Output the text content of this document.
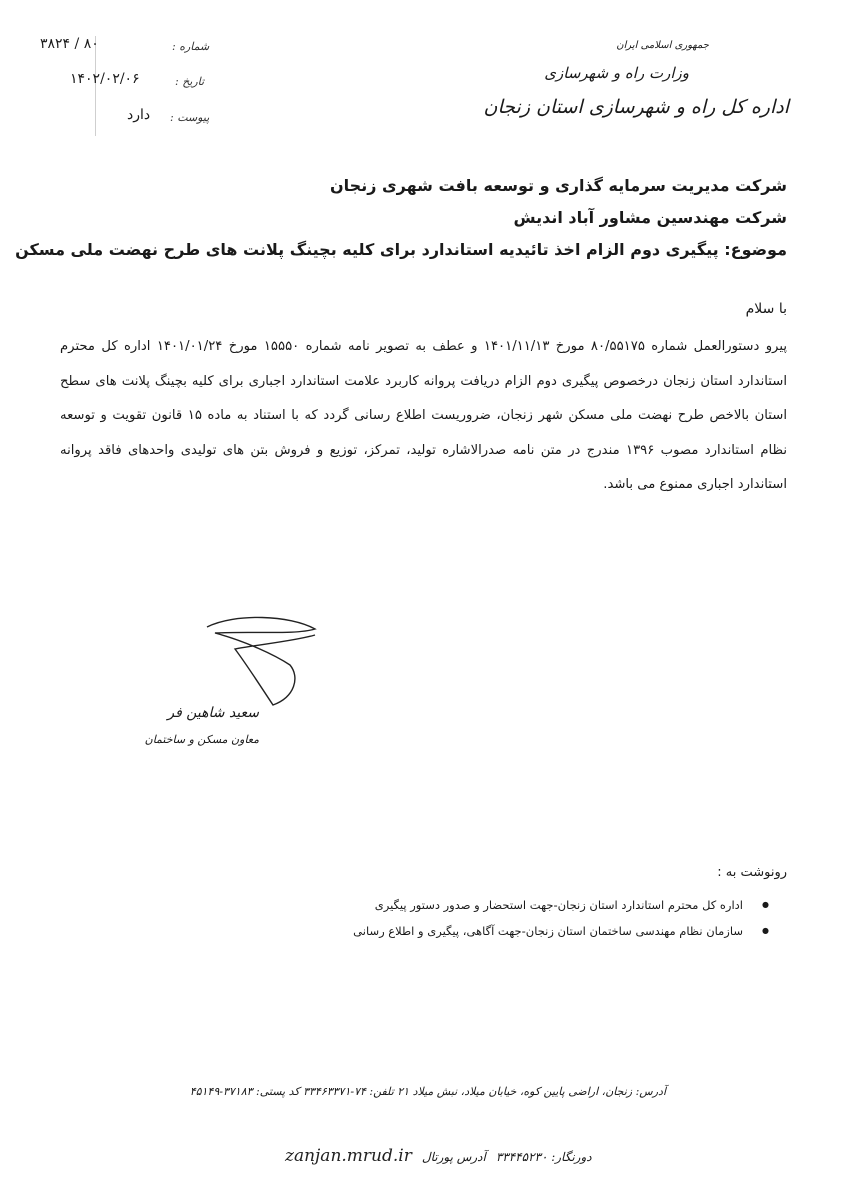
۸۰ / ۳۸۲۴	شماره :
۱۴۰۲/۰۲/۰۶	تاریخ :
دارد پیوست :
جمهوری اسلامی ایران
وزارت راه و شهرسازی
اداره کل راه و شهرسازی استان زنجان
شرکت مدیریت سرمایه گذاری و توسعه بافت شهری زنجان
شرکت مهندسین مشاور آباد اندیش
موضوع: پیگیری دوم الزام اخذ تائیدیه استاندارد برای کلیه بچینگ پلانت های طرح نهضت ملی مسکن
با سلام
پیرو دستورالعمل شماره ۸۰/۵۵۱۷۵ مورخ ۱۴۰۱/۱۱/۱۳ و عطف به تصویر نامه شماره ۱۵۵۵۰ مورخ ۱۴۰۱/۰۱/۲۴ اداره کل محترم استاندارد استان زنجان درخصوص پیگیری دوم الزام دریافت پروانه کاربرد علامت استاندارد اجباری برای کلیه بچینگ پلانت های سطح استان بالاخص طرح نهضت ملی مسکن شهر زنجان، ضروریست اطلاع رسانی گردد که با استناد به ماده ۱۵ قانون تقویت و توسعه نظام استاندارد مصوب ۱۳۹۶ مندرج در متن نامه صدرالاشاره تولید، تمرکز، توزیع و فروش بتن های تولیدی واحدهای فاقد پروانه استاندارد اجباری ممنوع می باشد.
سعید شاهین فر
معاون مسکن و ساختمان
رونوشت به :
● اداره کل محترم استاندارد استان زنجان-جهت استحضار و صدور دستور پیگیری
● سازمان نظام مهندسی ساختمان استان زنجان-جهت آگاهی، پیگیری و اطلاع رسانی
آدرس: زنجان، اراضی پایین کوه، خیابان میلاد، نبش میلاد ۲۱ تلفن: ۷۴-۳۳۴۶۳۳۷۱ کد پستی: ۳۷۱۸۳-۴۵۱۴۹
zanjan.mrud.ir آدرس پورتال دورنگار: ۳۳۴۴۵۲۳۰
